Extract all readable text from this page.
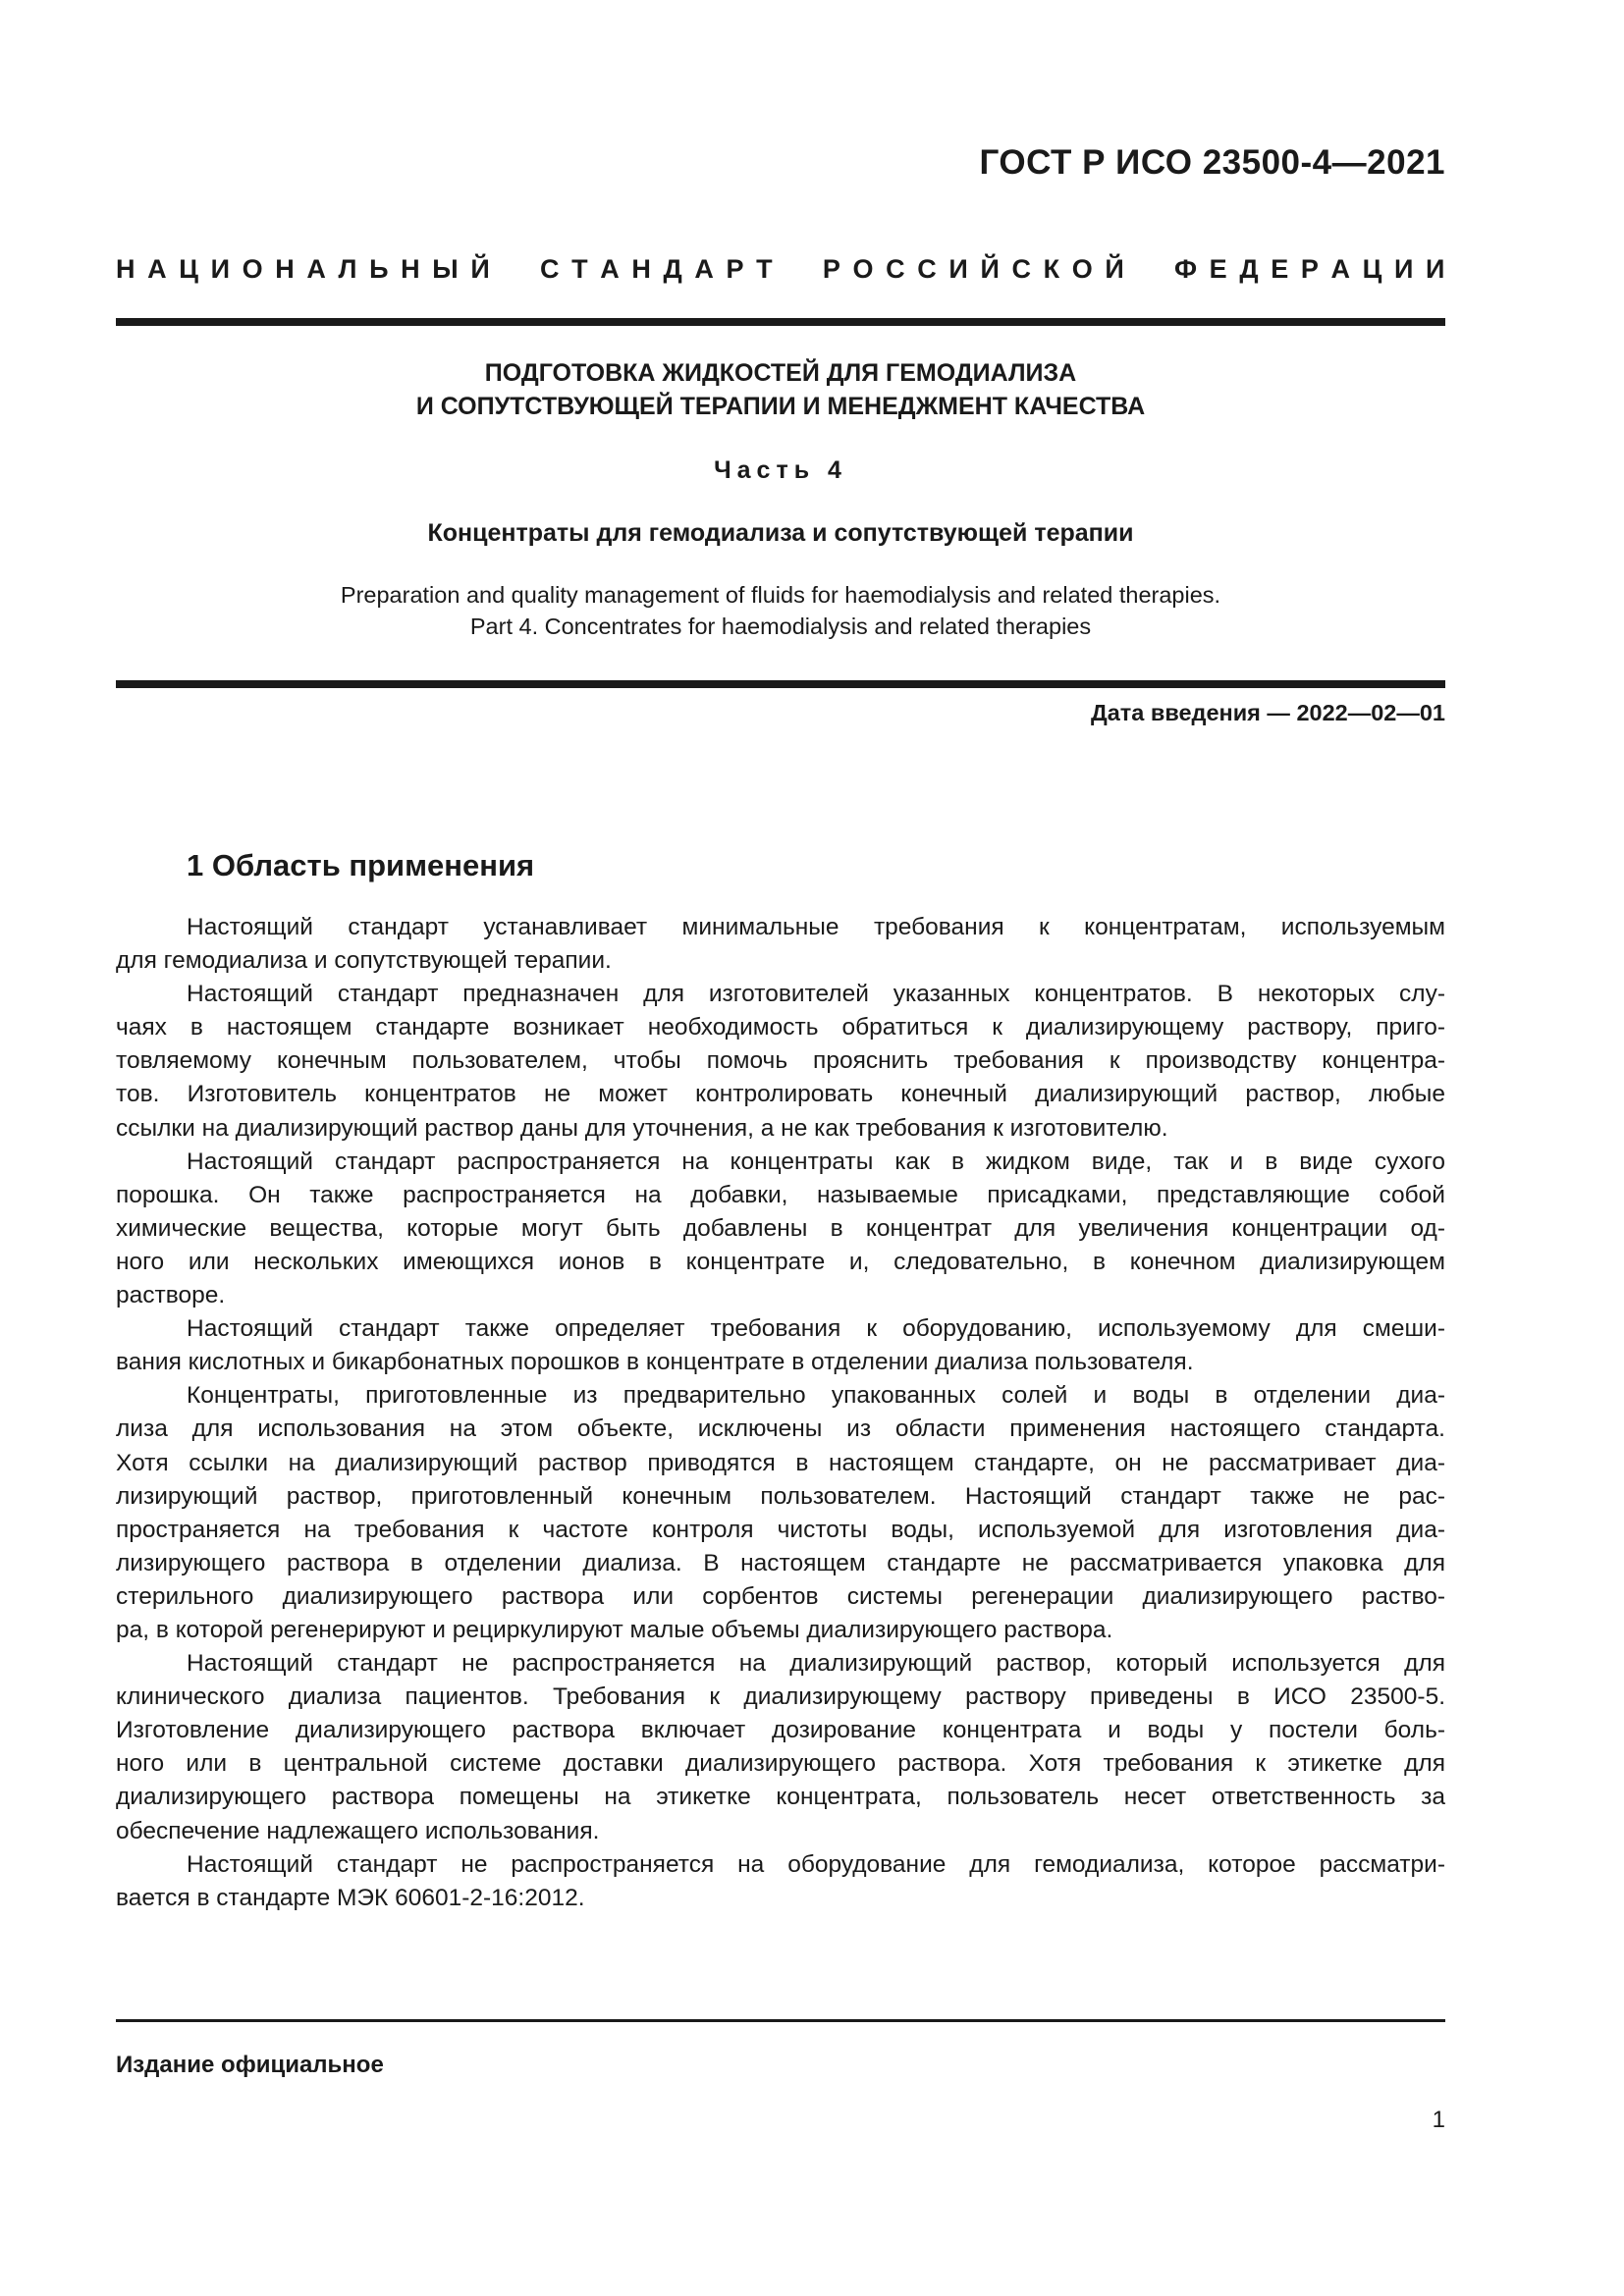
ГОСТ Р ИСО 23500-4—2021
Н А Ц И О Н А Л Ь Н Ы Й С Т А Н Д А Р Т Р О С С И Й С К О Й Ф Е Д Е Р А Ц И И
ПОДГОТОВКА ЖИДКОСТЕЙ ДЛЯ ГЕМОДИАЛИЗА
И СОПУТСТВУЮЩЕЙ ТЕРАПИИ И МЕНЕДЖМЕНТ КАЧЕСТВА
Часть 4
Концентраты для гемодиализа и сопутствующей терапии
Preparation and quality management of fluids for haemodialysis and related therapies.
Part 4. Concentrates for haemodialysis and related therapies
Дата введения — 2022—02—01
1 Область применения
Настоящий стандарт устанавливает минимальные требования к концентратам, используемым
для гемодиализа и сопутствующей терапии.
Настоящий стандарт предназначен для изготовителей указанных концентратов. В некоторых слу-
чаях в настоящем стандарте возникает необходимость обратиться к диализирующему раствору, приго-
товляемому конечным пользователем, чтобы помочь прояснить требования к производству концентра-
тов. Изготовитель концентратов не может контролировать конечный диализирующий раствор, любые
ссылки на диализирующий раствор даны для уточнения, а не как требования к изготовителю.
Настоящий стандарт распространяется на концентраты как в жидком виде, так и в виде сухого
порошка. Он также распространяется на добавки, называемые присадками, представляющие собой
химические вещества, которые могут быть добавлены в концентрат для увеличения концентрации од-
ного или нескольких имеющихся ионов в концентрате и, следовательно, в конечном диализирующем
растворе.
Настоящий стандарт также определяет требования к оборудованию, используемому для смеши-
вания кислотных и бикарбонатных порошков в концентрате в отделении диализа пользователя.
Концентраты, приготовленные из предварительно упакованных солей и воды в отделении диа-
лиза для использования на этом объекте, исключены из области применения настоящего стандарта.
Хотя ссылки на диализирующий раствор приводятся в настоящем стандарте, он не рассматривает диа-
лизирующий раствор, приготовленный конечным пользователем. Настоящий стандарт также не рас-
пространяется на требования к частоте контроля чистоты воды, используемой для изготовления диа-
лизирующего раствора в отделении диализа. В настоящем стандарте не рассматривается упаковка для
стерильного диализирующего раствора или сорбентов системы регенерации диализирующего раство-
ра, в которой регенерируют и рециркулируют малые объемы диализирующего раствора.
Настоящий стандарт не распространяется на диализирующий раствор, который используется для
клинического диализа пациентов. Требования к диализирующему раствору приведены в ИСО 23500-5.
Изготовление диализирующего раствора включает дозирование концентрата и воды у постели боль-
ного или в центральной системе доставки диализирующего раствора. Хотя требования к этикетке для
диализирующего раствора помещены на этикетке концентрата, пользователь несет ответственность за
обеспечение надлежащего использования.
Настоящий стандарт не распространяется на оборудование для гемодиализа, которое рассматри-
вается в стандарте МЭК 60601-2-16:2012.
Издание официальное
1
